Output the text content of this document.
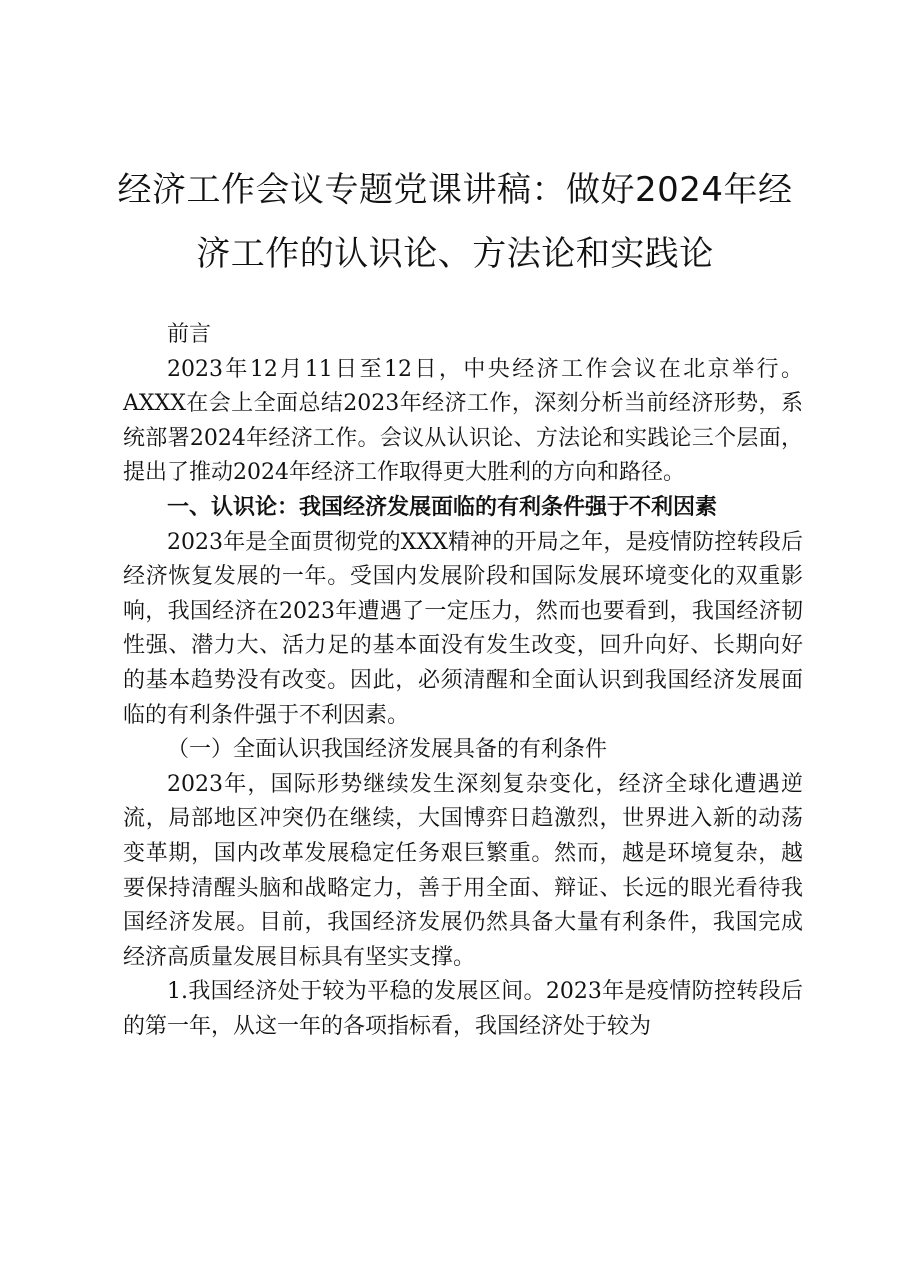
经济工作会议专题党课讲稿：做好2024年经济工作的认识论、方法论和实践论

前言

2023年12月11日至12日，中央经济工作会议在北京举行。AXXX在会上全面总结2023年经济工作，深刻分析当前经济形势，系统部署2024年经济工作。会议从认识论、方法论和实践论三个层面，提出了推动2024年经济工作取得更大胜利的方向和路径。

一、认识论：我国经济发展面临的有利条件强于不利因素

2023年是全面贯彻党的XXX精神的开局之年，是疫情防控转段后经济恢复发展的一年。受国内发展阶段和国际发展环境变化的双重影响，我国经济在2023年遭遇了一定压力，然而也要看到，我国经济韧性强、潜力大、活力足的基本面没有发生改变，回升向好、长期向好的基本趋势没有改变。因此，必须清醒和全面认识到我国经济发展面临的有利条件强于不利因素。

（一）全面认识我国经济发展具备的有利条件

2023年，国际形势继续发生深刻复杂变化，经济全球化遭遇逆流，局部地区冲突仍在继续，大国博弈日趋激烈，世界进入新的动荡变革期，国内改革发展稳定任务艰巨繁重。然而，越是环境复杂，越要保持清醒头脑和战略定力，善于用全面、辩证、长远的眼光看待我国经济发展。目前，我国经济发展仍然具备大量有利条件，我国完成经济高质量发展目标具有坚实支撑。

1.我国经济处于较为平稳的发展区间。2023年是疫情防控转段后的第一年，从这一年的各项指标看，我国经济处于较为
